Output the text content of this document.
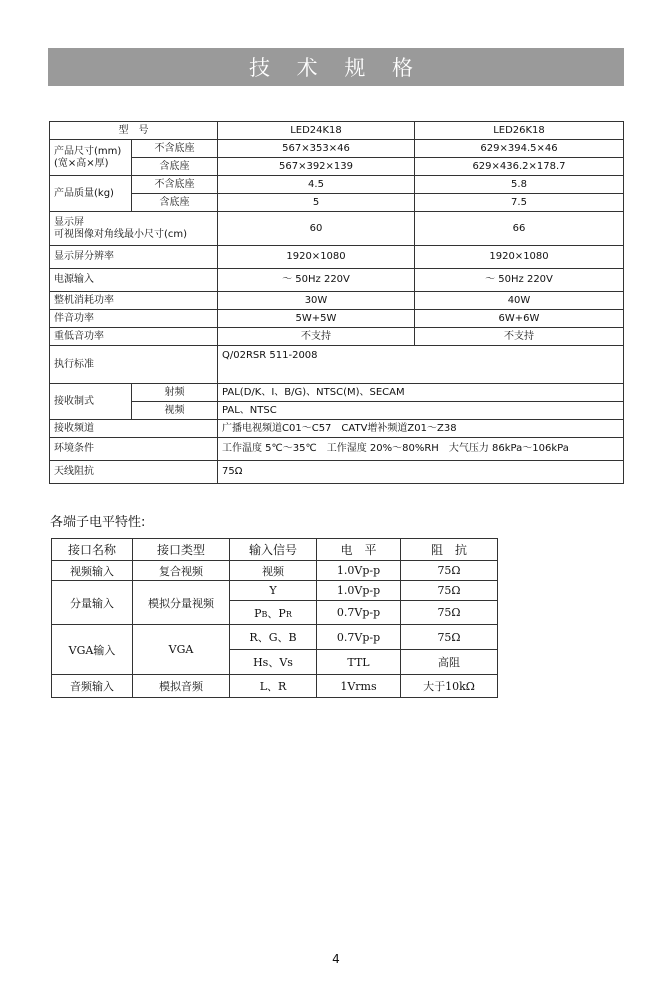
技 术 规 格
型　号		LED24K18	LED26K18

产品尺寸(mm)
(宽×高×厚)	不含底座	567×353×46	629×394.5×46
	含底座	567×392×139	629×436.2×178.7
产品质量(kg)	不含底座	4.5	5.8
	含底座	5	7.5

显示屏
可视图像对角线最小尺寸(cm)		60	66
显示屏分辨率		1920×1080	1920×1080
电源输入		～ 50Hz 220V	～ 50Hz 220V
整机消耗功率		30W	40W
伴音功率		5W+5W	6W+6W
重低音功率		不支持	不支持
执行标准		Q/02RSR 511-2008	
接收制式	射频	PAL(D/K、I、B/G)、NTSC(M)、SECAM	
	视频	PAL、NTSC	
接收频道		广播电视频道C01～C57　CATV增补频道Z01～Z38	
环境条件		工作温度 5℃～35℃　工作湿度 20%～80%RH　大气压力 86kPa～106kPa	
天线阻抗		75Ω	
各端子电平特性:
接口名称	接口类型	输入信号	电　平	阻　抗
视频输入	复合视频	视频	1.0Vp-p	75Ω
分量输入	模拟分量视频	Y	1.0Vp-p	75Ω
		PB、PR	0.7Vp-p	75Ω
VGA输入	VGA	R、G、B	0.7Vp-p	75Ω
		Hs、Vs	TTL	高阻
音频输入	模拟音频	L、R	1Vrms	大于10kΩ
4
